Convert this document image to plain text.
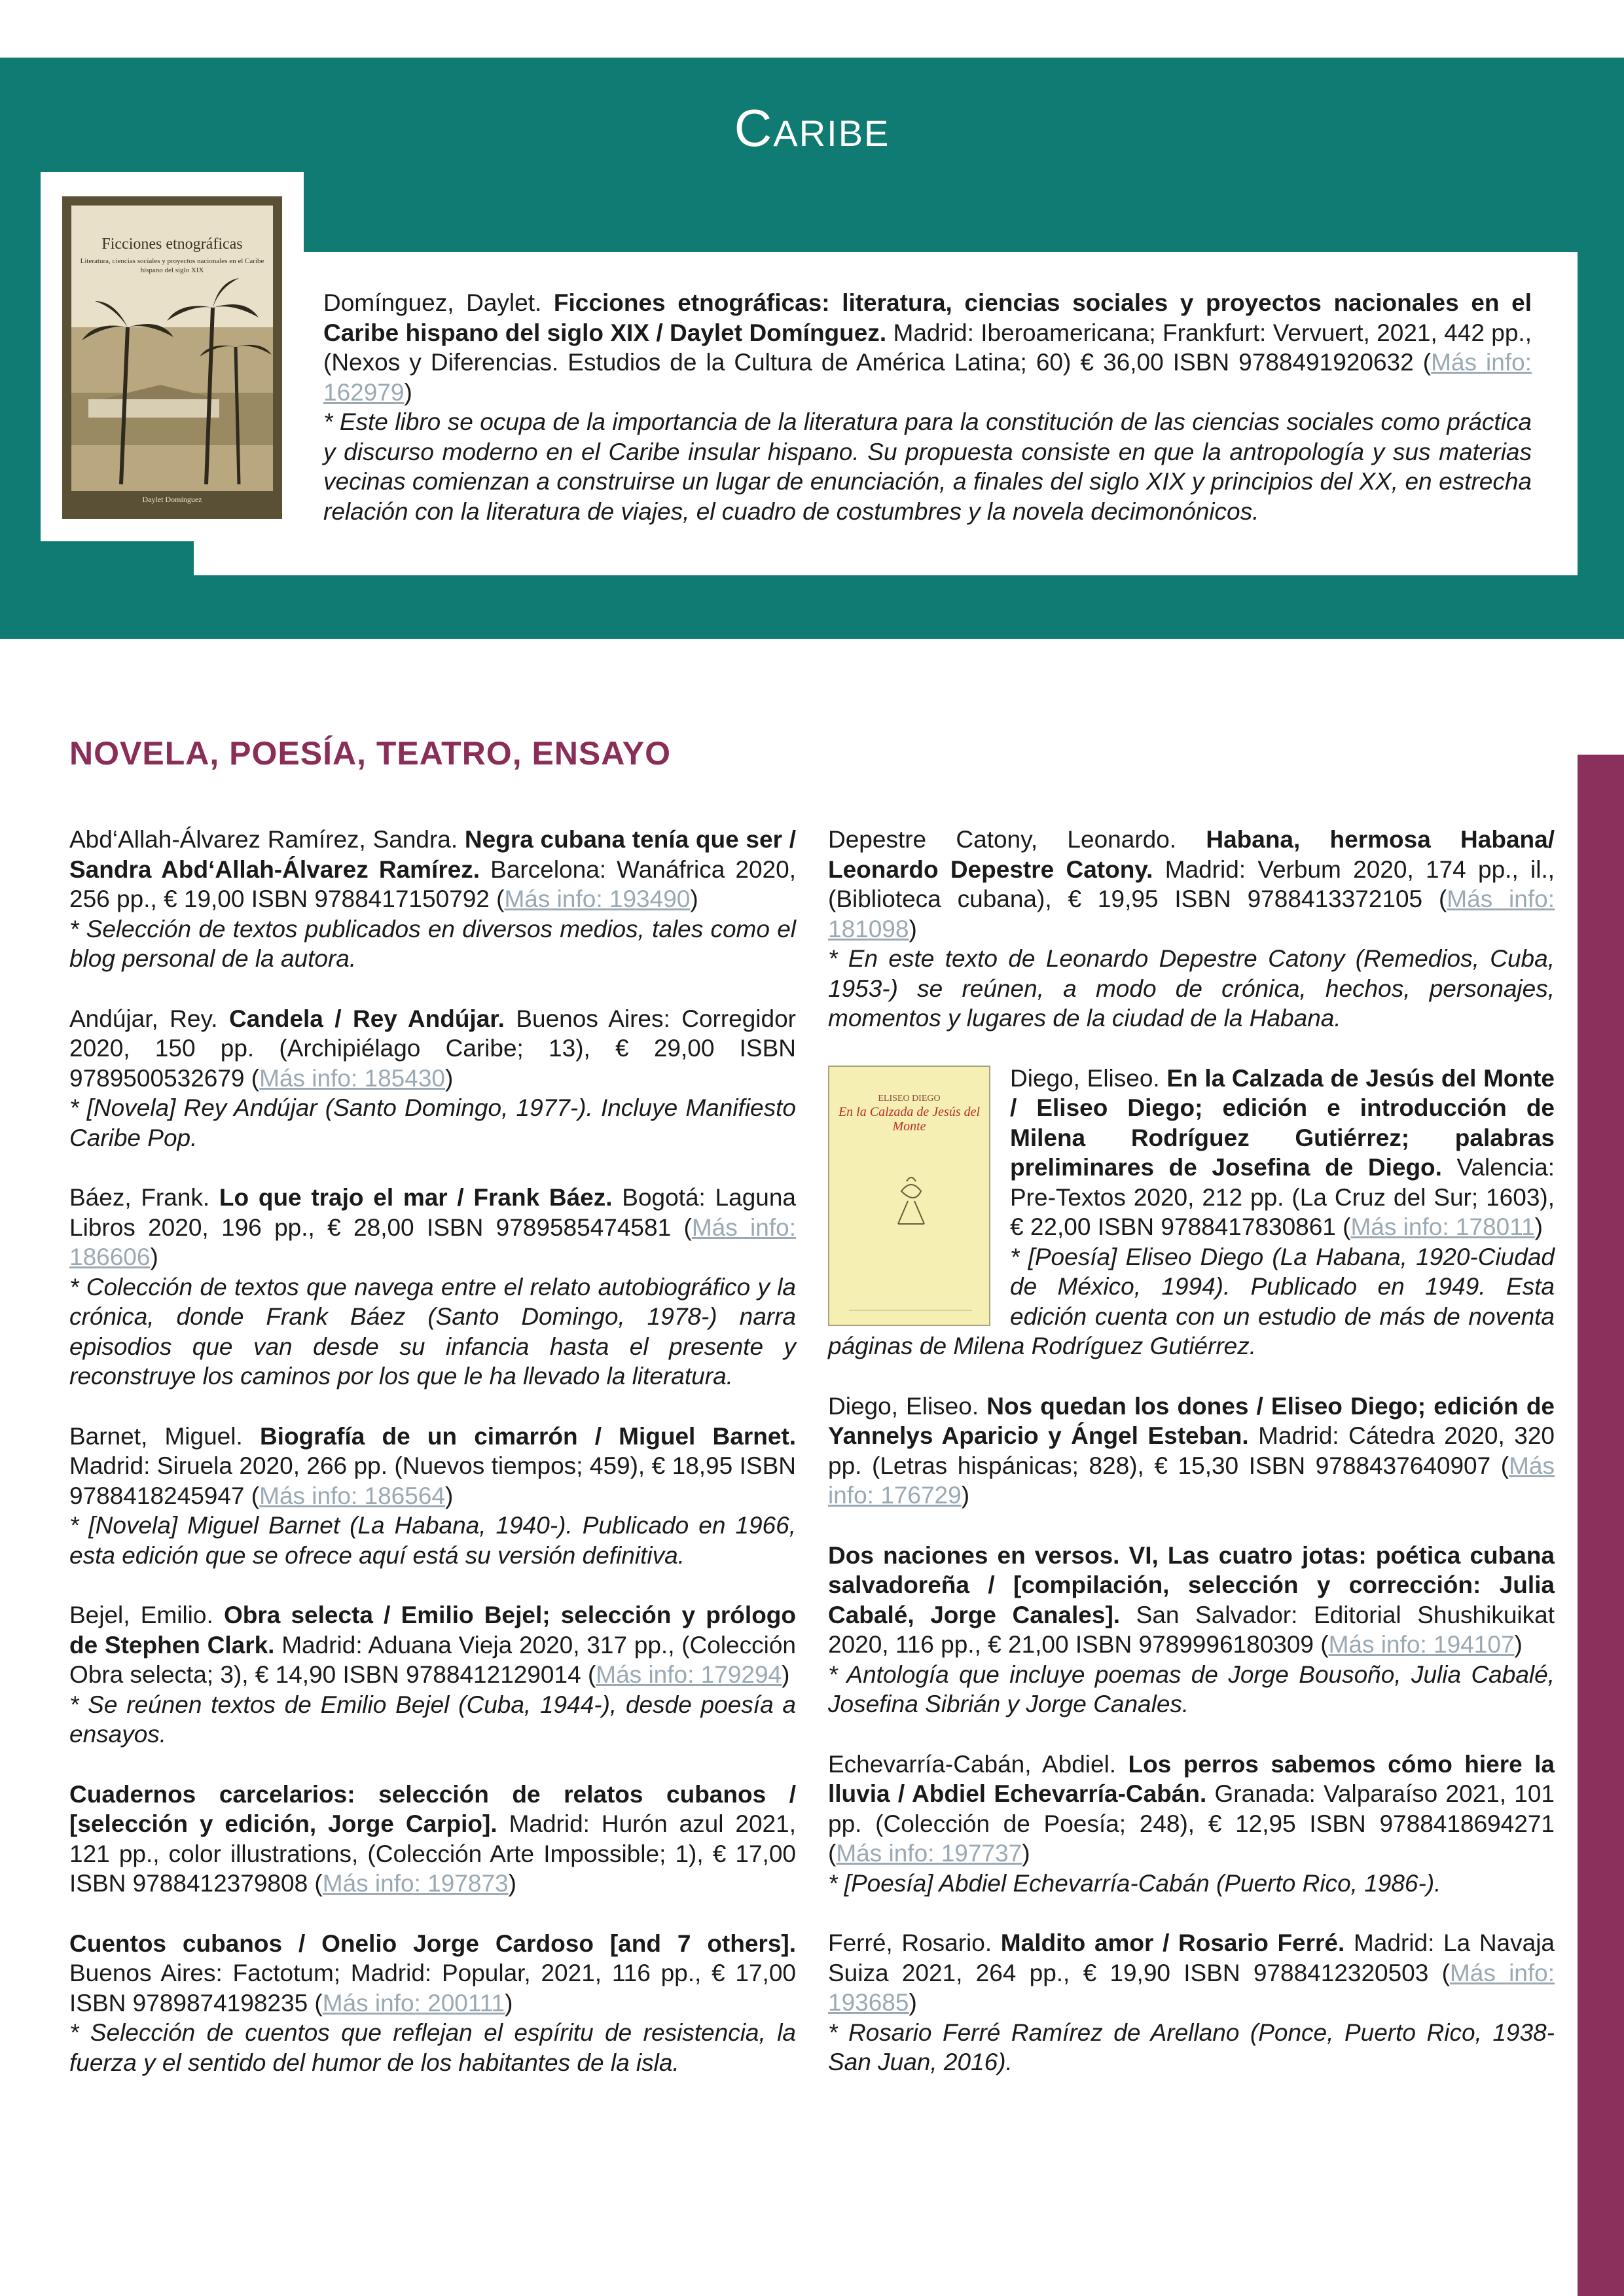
Caribe
Ficciones etnográficas
Literatura, ciencias sociales y proyectos nacionales en el Caribe hispano del siglo XIX
Daylet Domínguez
Domínguez, Daylet. Ficciones etnográficas: literatura, ciencias sociales y proyectos nacionales en el Caribe hispano del siglo XIX / Daylet Domínguez. Madrid: Iberoamericana; Frankfurt: Vervuert, 2021, 442 pp., (Nexos y Diferencias. Estudios de la Cultura de América Latina; 60) € 36,00 ISBN 9788491920632 (Más info: 162979)
* Este libro se ocupa de la importancia de la literatura para la constitución de las ciencias sociales como práctica y discurso moderno en el Caribe insular hispano. Su propuesta consiste en que la antropología y sus materias vecinas comienzan a construirse un lugar de enunciación, a finales del siglo XIX y principios del XX, en estrecha relación con la literatura de viajes, el cuadro de costumbres y la novela decimonónicos.
NOVELA, POESÍA, TEATRO, ENSAYO
Abd‘Allah-Álvarez Ramírez, Sandra. Negra cubana tenía que ser / Sandra Abd‘Allah-Álvarez Ramírez. Barcelona: Wanáfrica 2020, 256 pp., € 19,00 ISBN 9788417150792 (Más info: 193490)
* Selección de textos publicados en diversos medios, tales como el blog personal de la autora.
Andújar, Rey. Candela / Rey Andújar. Buenos Aires: Corregidor 2020, 150 pp. (Archipiélago Caribe; 13), € 29,00 ISBN 9789500532679 (Más info: 185430)
* [Novela] Rey Andújar (Santo Domingo, 1977-). Incluye Manifiesto Caribe Pop.
Báez, Frank. Lo que trajo el mar / Frank Báez. Bogotá: Laguna Libros 2020, 196 pp., € 28,00 ISBN 9789585474581 (Más info: 186606)
* Colección de textos que navega entre el relato autobiográfico y la crónica, donde Frank Báez (Santo Domingo, 1978-) narra episodios que van desde su infancia hasta el presente y reconstruye los caminos por los que le ha llevado la literatura.
Barnet, Miguel. Biografía de un cimarrón / Miguel Barnet. Madrid: Siruela 2020, 266 pp. (Nuevos tiempos; 459), € 18,95 ISBN 9788418245947 (Más info: 186564)
* [Novela] Miguel Barnet (La Habana, 1940-). Publicado en 1966, esta edición que se ofrece aquí está su versión definitiva.
Bejel, Emilio. Obra selecta / Emilio Bejel; selección y prólogo de Stephen Clark. Madrid: Aduana Vieja 2020, 317 pp., (Colección Obra selecta; 3), € 14,90 ISBN 9788412129014 (Más info: 179294)
* Se reúnen textos de Emilio Bejel (Cuba, 1944-), desde poesía a ensayos.
Cuadernos carcelarios: selección de relatos cubanos / [selección y edición, Jorge Carpio]. Madrid: Hurón azul 2021, 121 pp., color illustrations, (Colección Arte Impossible; 1), € 17,00 ISBN 9788412379808 (Más info: 197873)
Cuentos cubanos / Onelio Jorge Cardoso [and 7 others]. Buenos Aires: Factotum; Madrid: Popular, 2021, 116 pp., € 17,00 ISBN 9789874198235 (Más info: 200111)
* Selección de cuentos que reflejan el espíritu de resistencia, la fuerza y el sentido del humor de los habitantes de la isla.
Depestre Catony, Leonardo. Habana, hermosa Habana/ Leonardo Depestre Catony. Madrid: Verbum 2020, 174 pp., il., (Biblioteca cubana), € 19,95 ISBN 9788413372105 (Más info: 181098)
* En este texto de Leonardo Depestre Catony (Remedios, Cuba, 1953-) se reúnen, a modo de crónica, hechos, personajes, momentos y lugares de la ciudad de la Habana.
ELISEO DIEGO
En la Calzada de Jesús del Monte
Diego, Eliseo. En la Calzada de Jesús del Monte / Eliseo Diego; edición e introducción de Milena Rodríguez Gutiérrez; palabras preliminares de Josefina de Diego. Valencia: Pre-Textos 2020, 212 pp. (La Cruz del Sur; 1603), € 22,00 ISBN 9788417830861 (Más info: 178011)
* [Poesía] Eliseo Diego (La Habana, 1920-Ciudad de México, 1994). Publicado en 1949. Esta edición cuenta con un estudio de más de noventa páginas de Milena Rodríguez Gutiérrez.
Diego, Eliseo. Nos quedan los dones / Eliseo Diego; edición de Yannelys Aparicio y Ángel Esteban. Madrid: Cátedra 2020, 320 pp. (Letras hispánicas; 828), € 15,30 ISBN 9788437640907 (Más info: 176729)
Dos naciones en versos. VI, Las cuatro jotas: poética cubana salvadoreña / [compilación, selección y corrección: Julia Cabalé, Jorge Canales]. San Salvador: Editorial Shushikuikat 2020, 116 pp., € 21,00 ISBN 9789996180309 (Más info: 194107)
* Antología que incluye poemas de Jorge Bousoño, Julia Cabalé, Josefina Sibrián y Jorge Canales.
Echevarría-Cabán, Abdiel. Los perros sabemos cómo hiere la lluvia / Abdiel Echevarría-Cabán. Granada: Valparaíso 2021, 101 pp. (Colección de Poesía; 248), € 12,95 ISBN 9788418694271 (Más info: 197737)
* [Poesía] Abdiel Echevarría-Cabán (Puerto Rico, 1986-).
Ferré, Rosario. Maldito amor / Rosario Ferré. Madrid: La Navaja Suiza 2021, 264 pp., € 19,90 ISBN 9788412320503 (Más info: 193685)
* Rosario Ferré Ramírez de Arellano (Ponce, Puerto Rico, 1938-San Juan, 2016).
